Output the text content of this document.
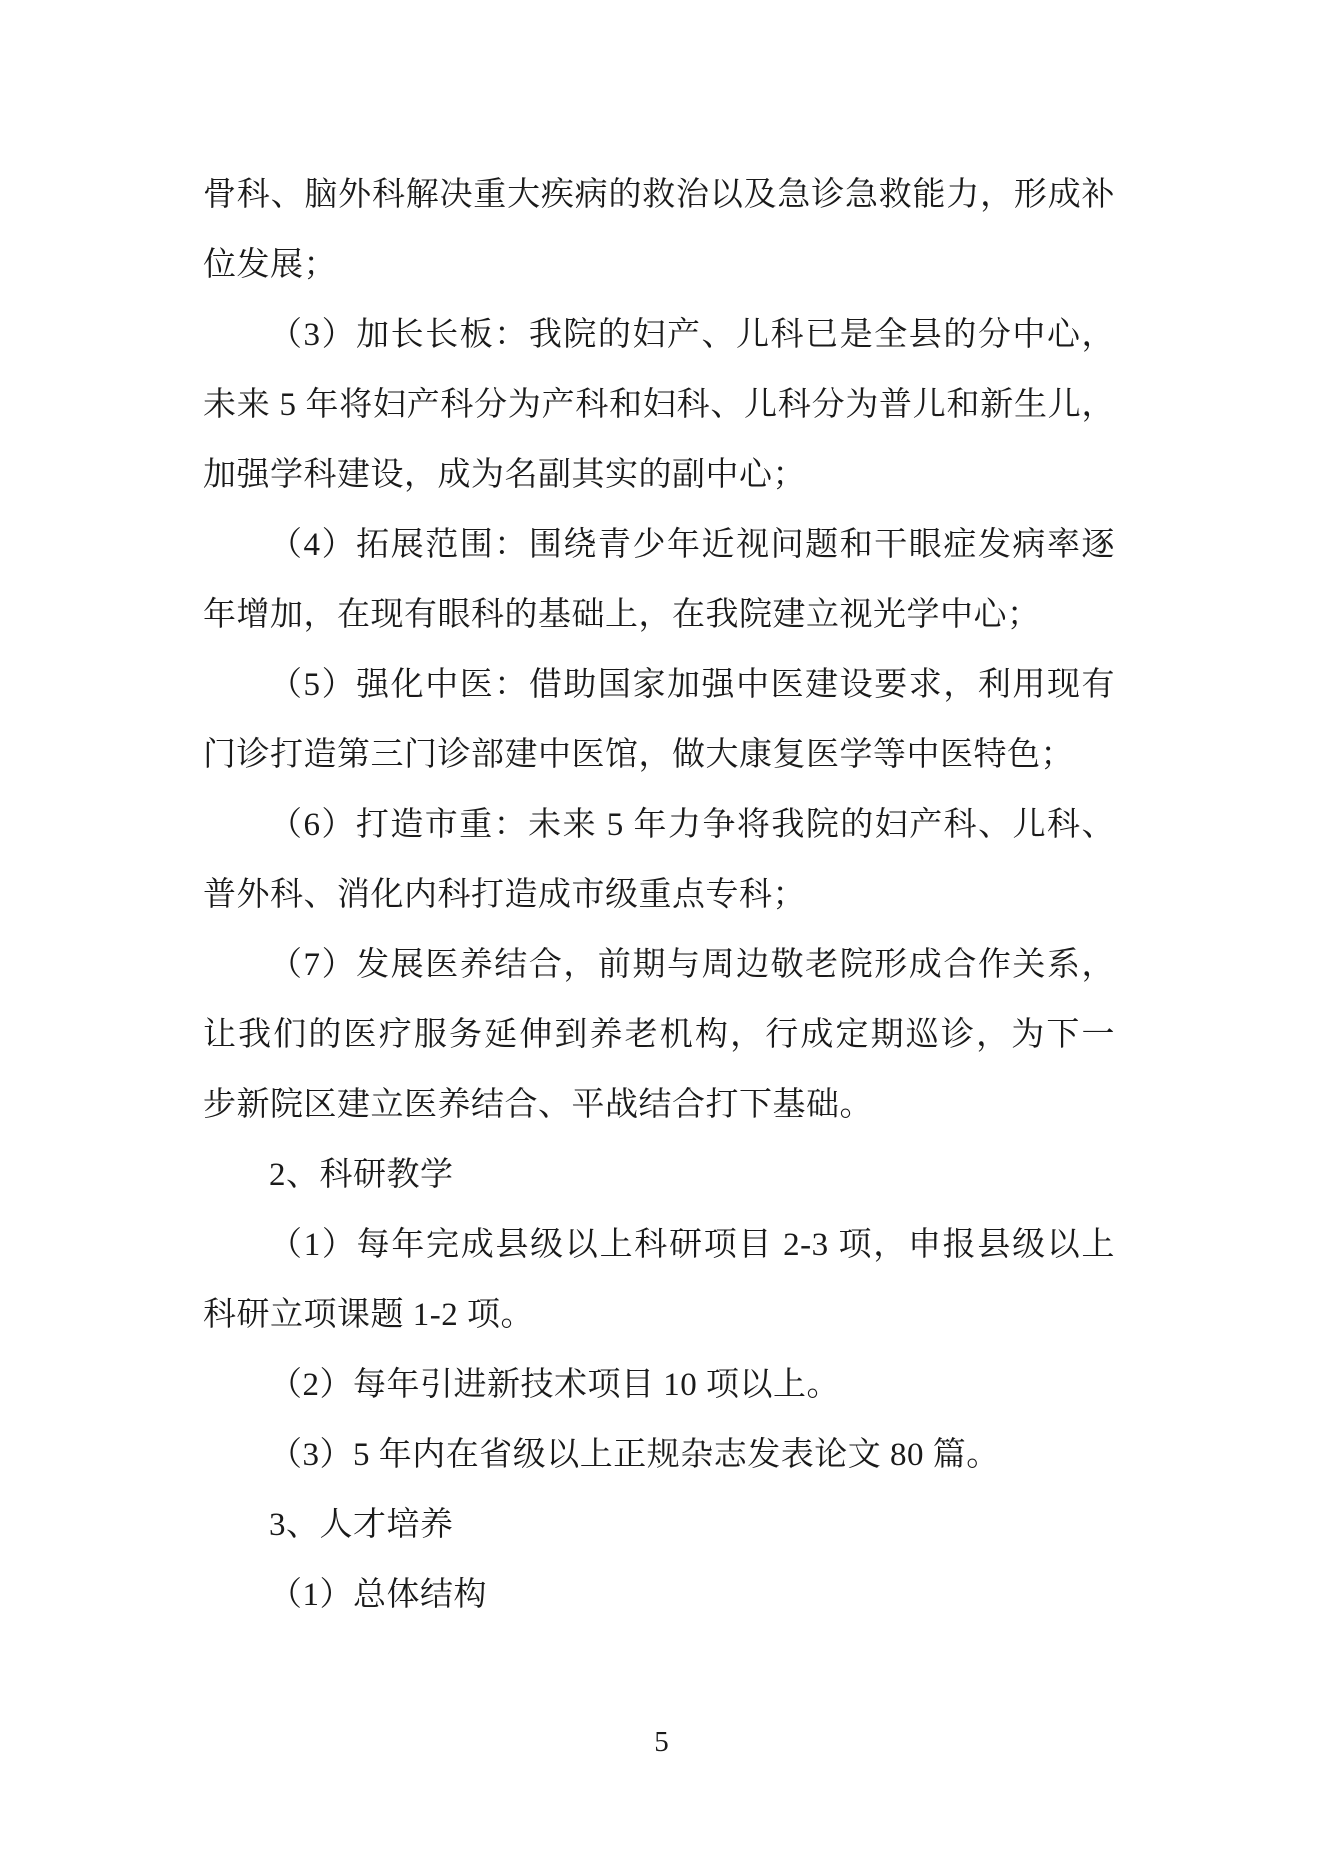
骨科、脑外科解决重大疾病的救治以及急诊急救能力，形成补
位发展；
（3）加长长板：我院的妇产、儿科已是全县的分中心，
未来 5 年将妇产科分为产科和妇科、儿科分为普儿和新生儿，
加强学科建设，成为名副其实的副中心；
（4）拓展范围：围绕青少年近视问题和干眼症发病率逐
年增加，在现有眼科的基础上，在我院建立视光学中心；
（5）强化中医：借助国家加强中医建设要求，利用现有
门诊打造第三门诊部建中医馆，做大康复医学等中医特色；
（6）打造市重：未来 5 年力争将我院的妇产科、儿科、
普外科、消化内科打造成市级重点专科；
（7）发展医养结合，前期与周边敬老院形成合作关系，
让我们的医疗服务延伸到养老机构，行成定期巡诊，为下一
步新院区建立医养结合、平战结合打下基础。
2、科研教学
（1）每年完成县级以上科研项目 2-3 项，申报县级以上
科研立项课题 1-2 项。
（2）每年引进新技术项目 10 项以上。
（3）5 年内在省级以上正规杂志发表论文 80 篇。
3、人才培养
（1）总体结构
5
